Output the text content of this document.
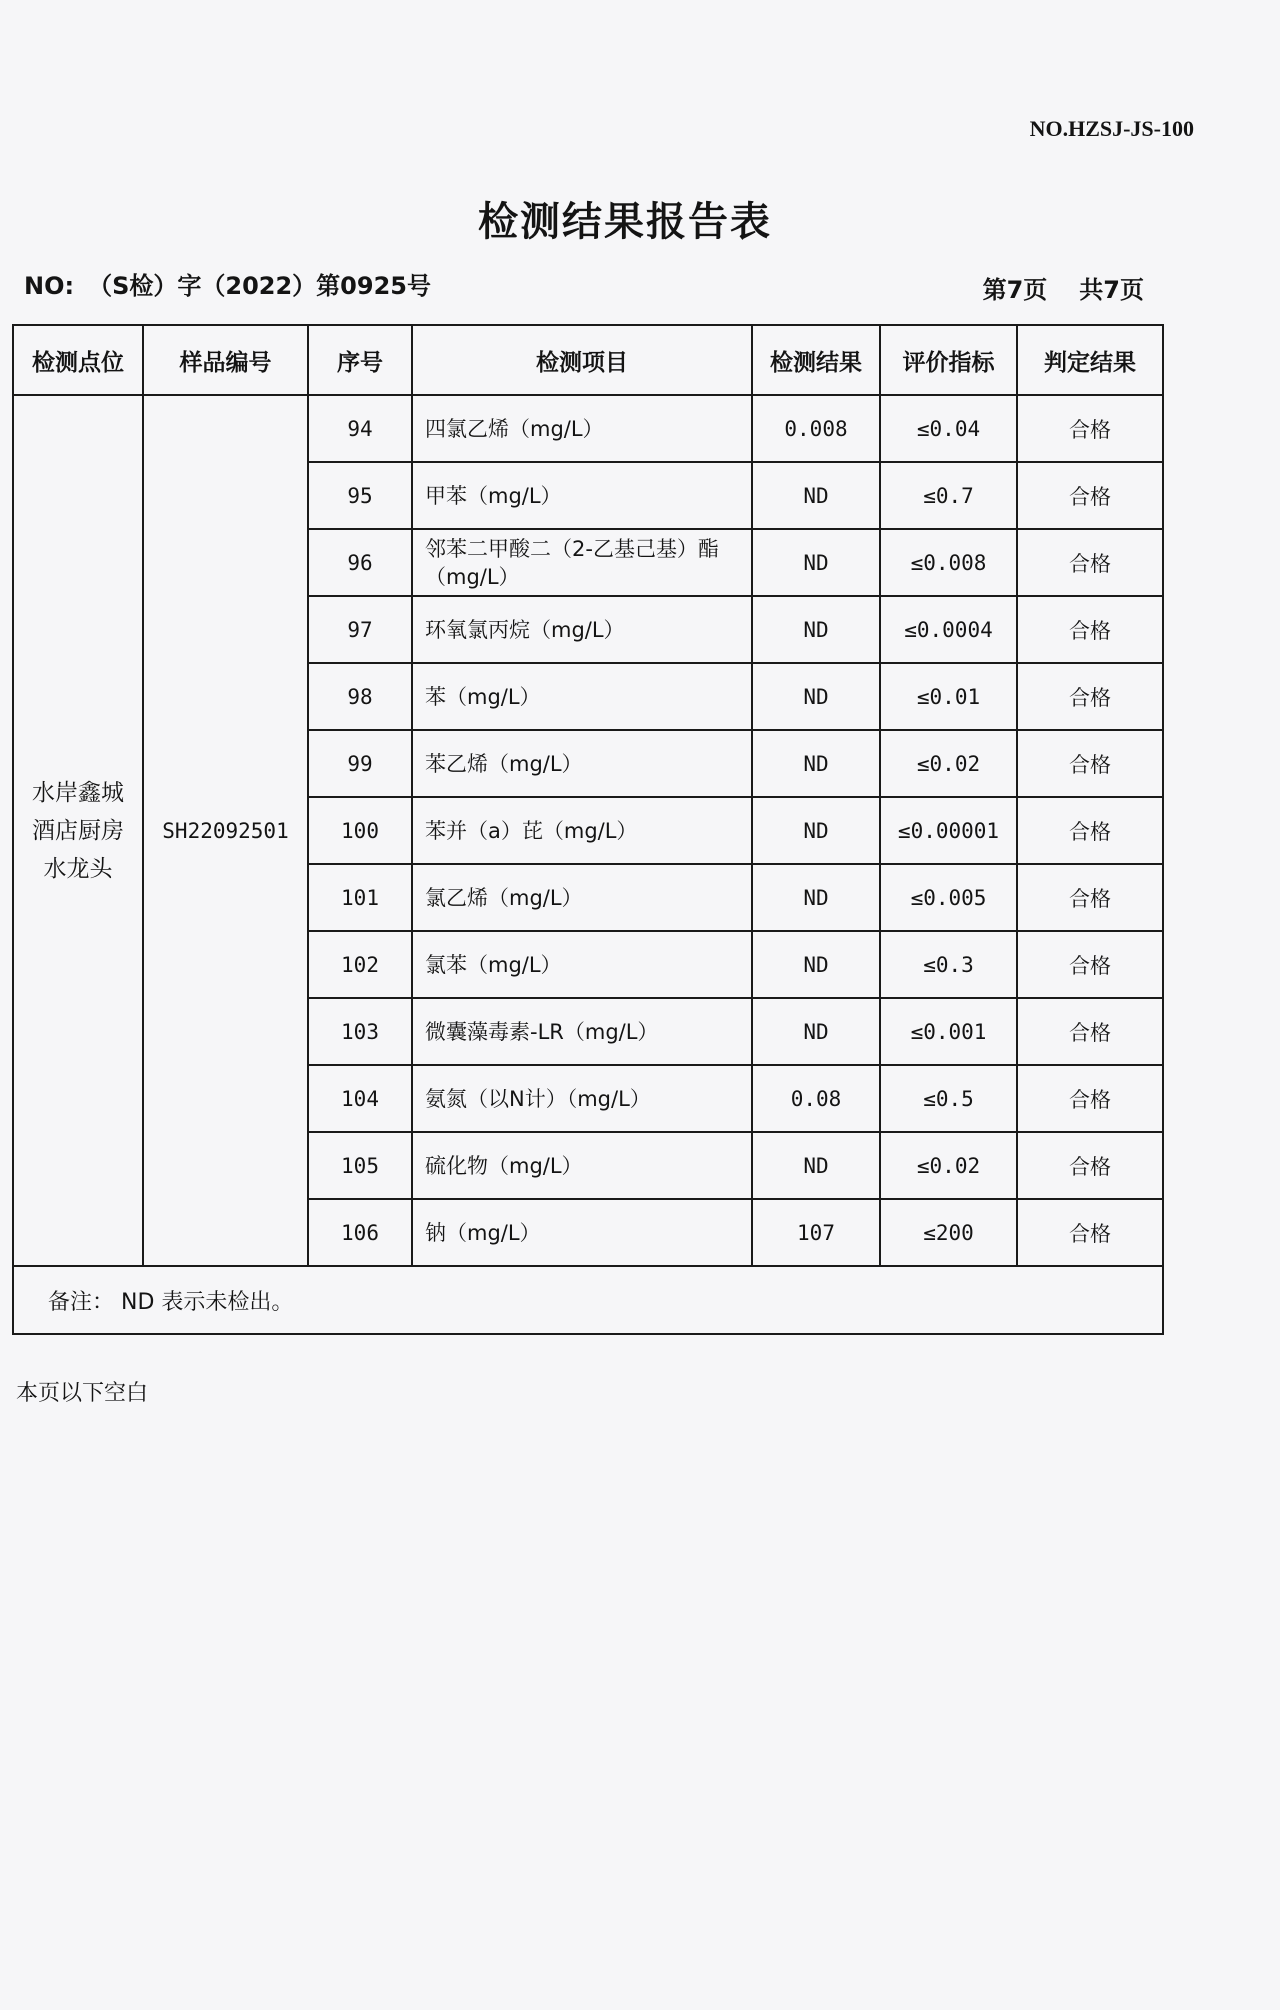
NO.HZSJ-JS-100
检测结果报告表
NO: （S检）字（2022）第0925号	第7页 共7页
检测点位	样品编号	序号	检测项目	检测结果	评价指标	判定结果
水岸鑫城
酒店厨房
水龙头	SH22092501	94	四氯乙烯（mg/L）	0.008	≤0.04	合格
		95	甲苯（mg/L）	ND	≤0.7	合格
		96	邻苯二甲酸二（2-乙基己基）酯（mg/L）	ND	≤0.008	合格
		97	环氧氯丙烷（mg/L）	ND	≤0.0004	合格
		98	苯（mg/L）	ND	≤0.01	合格
		99	苯乙烯（mg/L）	ND	≤0.02	合格
		100	苯并（a）芘（mg/L）	ND	≤0.00001	合格
		101	氯乙烯（mg/L）	ND	≤0.005	合格
		102	氯苯（mg/L）	ND	≤0.3	合格
		103	微囊藻毒素-LR（mg/L）	ND	≤0.001	合格
		104	氨氮（以N计）（mg/L）	0.08	≤0.5	合格
		105	硫化物（mg/L）	ND	≤0.02	合格
		106	钠（mg/L）	107	≤200	合格
备注： ND 表示未检出。						
本页以下空白
